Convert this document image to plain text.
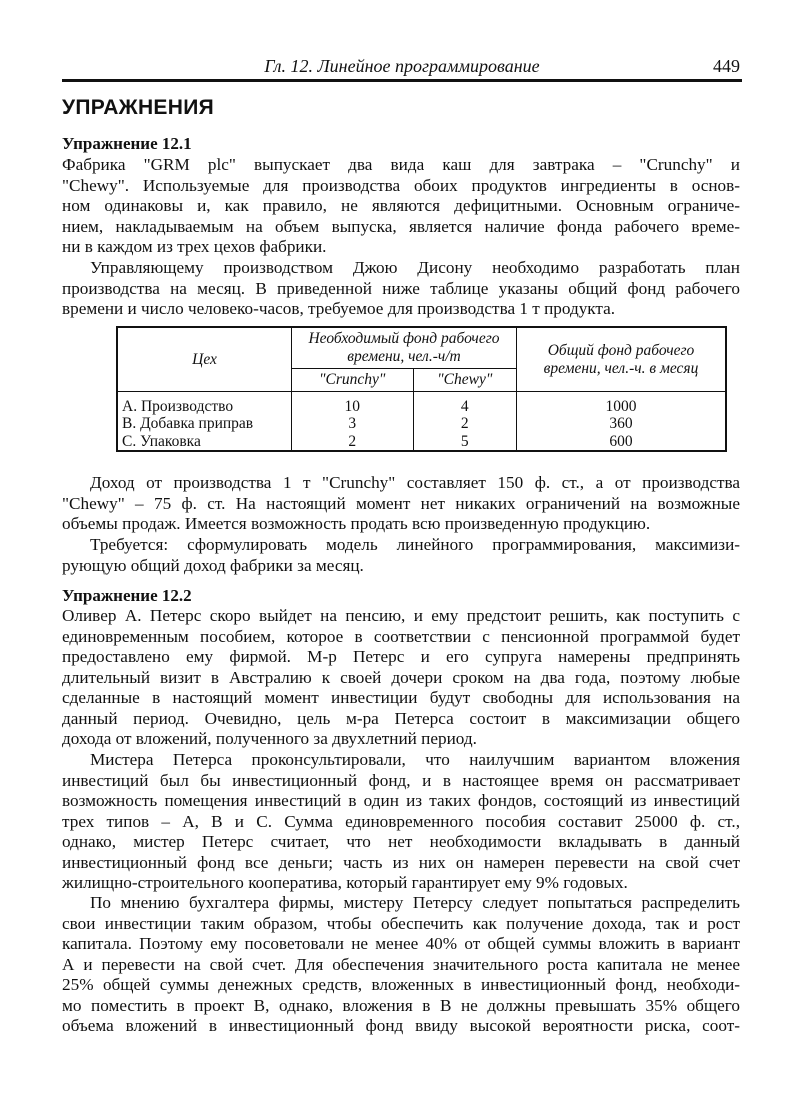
Гл. 12. Линейное программирование	449
УПРАЖНЕНИЯ
Упражнение 12.1
Фабрика "GRM plc" выпускает два вида каш для завтрака – "Crunchy" и
"Chewy". Используемые для производства обоих продуктов ингредиенты в основ-
ном одинаковы и, как правило, не являются дефицитными. Основным ограниче-
нием, накладываемым на объем выпуска, является наличие фонда рабочего време-
ни в каждом из трех цехов фабрики.
Управляющему производством Джою Дисону необходимо разработать план
производства на месяц. В приведенной ниже таблице указаны общий фонд рабочего
времени и число человеко-часов, требуемое для производства 1 т продукта.
Цех	Необходимый фонд рабочего времени, чел.-ч/т		Общий фонд рабочего времени, чел.-ч. в месяц
	"Crunchy"	"Chewy"	

А. Производство	10	4	1000
В. Добавка приправ	3	2	360
С. Упаковка	2	5	600
Доход от производства 1 т "Crunchy" составляет 150 ф. ст., а от производства
"Chewy" – 75 ф. ст. На настоящий момент нет никаких ограничений на возможные
объемы продаж. Имеется возможность продать всю произведенную продукцию.
Требуется: сформулировать модель линейного программирования, максимизи-
рующую общий доход фабрики за месяц.
Упражнение 12.2
Оливер А. Петерс скоро выйдет на пенсию, и ему предстоит решить, как поступить с
единовременным пособием, которое в соответствии с пенсионной программой будет
предоставлено ему фирмой. М-р Петерс и его супруга намерены предпринять
длительный визит в Австралию к своей дочери сроком на два года, поэтому любые
сделанные в настоящий момент инвестиции будут свободны для использования на
данный период. Очевидно, цель м-ра Петерса состоит в максимизации общего
дохода от вложений, полученного за двухлетний период.
Мистера Петерса проконсультировали, что наилучшим вариантом вложения
инвестиций был бы инвестиционный фонд, и в настоящее время он рассматривает
возможность помещения инвестиций в один из таких фондов, состоящий из инвестиций
трех типов – А, В и С. Сумма единовременного пособия составит 25000 ф. ст.,
однако, мистер Петерс считает, что нет необходимости вкладывать в данный
инвестиционный фонд все деньги; часть из них он намерен перевести на свой счет
жилищно-строительного кооператива, который гарантирует ему 9% годовых.
По мнению бухгалтера фирмы, мистеру Петерсу следует попытаться распределить
свои инвестиции таким образом, чтобы обеспечить как получение дохода, так и рост
капитала. Поэтому ему посоветовали не менее 40% от общей суммы вложить в вариант
А и перевести на свой счет. Для обеспечения значительного роста капитала не менее
25% общей суммы денежных средств, вложенных в инвестиционный фонд, необходи-
мо поместить в проект В, однако, вложения в В не должны превышать 35% общего
объема вложений в инвестиционный фонд ввиду высокой вероятности риска, соот-
